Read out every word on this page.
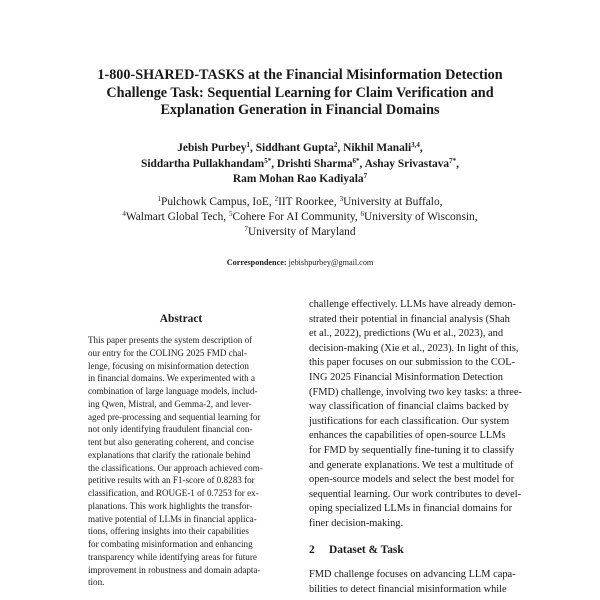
1-800-SHARED-TASKS at the Financial Misinformation Detection
Challenge Task: Sequential Learning for Claim Verification and
Explanation Generation in Financial Domains
Jebish Purbey$^1$, Siddhant Gupta$^2$, Nikhil Manali$^{3,4}$,
Siddartha Pullakhandam$^{5*}$, Drishti Sharma$^{6*}$, Ashay Srivastava$^{7*}$,
Ram Mohan Rao Kadiyala$^7$
$^1$Pulchowk Campus, IoE, $^2$IIT Roorkee, $^3$University at Buffalo,
$^4$Walmart Global Tech, $^5$Cohere For AI Community, $^6$University of Wisconsin,
$^7$University of Maryland
Correspondence: jebishpurbey@gmail.com
Abstract
This paper presents the system description of
our entry for the COLING 2025 FMD chal-
lenge, focusing on misinformation detection
in financial domains. We experimented with a
combination of large language models, includ-
ing Qwen, Mistral, and Gemma-2, and lever-
aged pre-processing and sequential learning for
not only identifying fraudulent financial con-
tent but also generating coherent, and concise
explanations that clarify the rationale behind
the classifications. Our approach achieved com-
petitive results with an F1-score of 0.8283 for
classification, and ROUGE-1 of 0.7253 for ex-
planations. This work highlights the transfor-
mative potential of LLMs in financial applica-
tions, offering insights into their capabilities
for combating misinformation and enhancing
transparency while identifying areas for future
improvement in robustness and domain adapta-
tion.
challenge effectively. LLMs have already demon-
strated their potential in financial analysis (Shah
et al., 2022), predictions (Wu et al., 2023), and
decision-making (Xie et al., 2023). In light of this,
this paper focuses on our submission to the COL-
ING 2025 Financial Misinformation Detection
(FMD) challenge, involving two key tasks: a three-
way classification of financial claims backed by
justifications for each classification. Our system
enhances the capabilities of open-source LLMs
for FMD by sequentially fine-tuning it to classify
and generate explanations. We test a multitude of
open-source models and select the best model for
sequential learning. Our work contributes to devel-
oping specialized LLMs in financial domains for
finer decision-making.
2 Dataset & Task
FMD challenge focuses on advancing LLM capa-
bilities to detect financial misinformation while
